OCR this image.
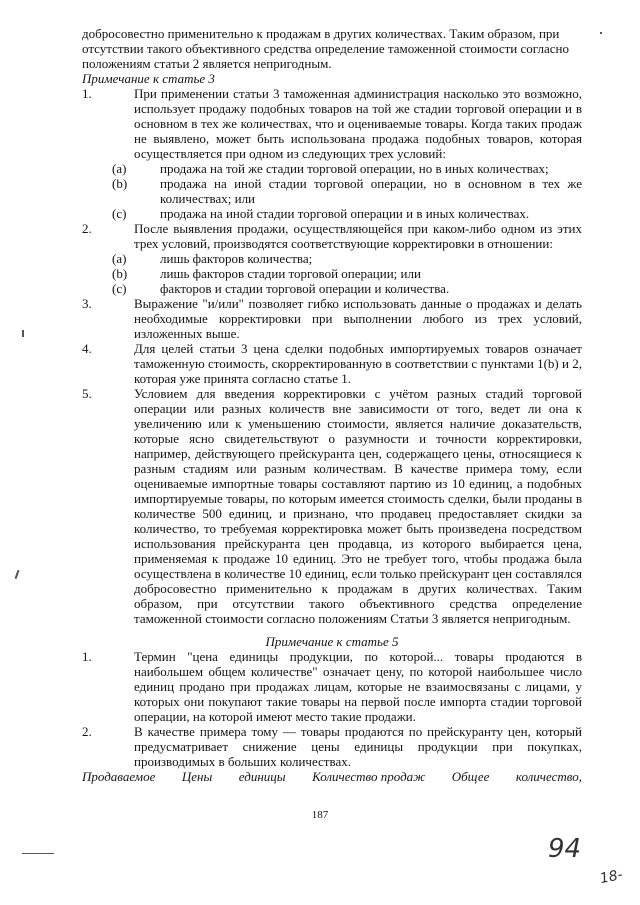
добросовестно применительно к продажам в других количествах. Таким образом, при

отсутствии такого объективного средства определение таможенной стоимости согласно

положениям статьи 2 является непригодным.

Примечание к статье 3

1.	При применении статьи 3 таможенная администрация насколько это возможно, использует продажу подобных товаров на той же стадии торговой операции и в основном в тех же количествах, что и оцениваемые товары. Когда таких продаж не выявлено, может быть использована продажа подобных товаров, которая осуществляется при одном из следующих трех условий:
(a)	продажа на той же стадии торговой операции, но в иных количествах;
(b)	продажа на иной стадии торговой операции, но в основном в тех же количествах; или
(c)	продажа на иной стадии торговой операции и в иных количествах.
2.	После выявления продажи, осуществляющейся при каком-либо одном из этих трех условий, производятся соответствующие корректировки в отношении:
(a)	лишь факторов количества;
(b)	лишь факторов стадии торговой операции; или
(c)	факторов и стадии торговой операции и количества.
3.	Выражение "и/или" позволяет гибко использовать данные о продажах и делать необходимые корректировки при выполнении любого из трех условий, изложенных выше.
4.	Для целей статьи 3 цена сделки подобных импортируемых товаров означает таможенную стоимость, скорректированную в соответствии с пунктами 1(b) и 2, которая уже принята согласно статье 1.
5.	Условием для введения корректировки с учётом разных стадий торговой операции или разных количеств вне зависимости от того, ведет ли она к увеличению или к уменьшению стоимости, является наличие доказательств, которые ясно свидетельствуют о разумности и точности корректировки, например, действующего прейскуранта цен, содержащего цены, относящиеся к разным стадиям или разным количествам. В качестве примера тому, если оцениваемые импортные товары составляют партию из 10 единиц, а подобных импортируемые товары, по которым имеется стоимость сделки, были проданы в количестве 500 единиц, и признано, что продавец предоставляет скидки за количество, то требуемая корректировка может быть произведена посредством использования прейскуранта цен продавца, из которого выбирается цена, применяемая к продаже 10 единиц. Это не требует того, чтобы продажа была осуществлена в количестве 10 единиц, если только прейскурант цен составлялся добросовестно применительно к продажам в других количествах. Таким образом, при отсутствии такого объективного средства определение таможенной стоимости согласно положениям Статьи 3 является непригодным.

Примечание к статье 5

1.	Термин "цена единицы продукции, по которой... товары продаются в наибольшем общем количестве" означает цену, по которой наибольшее число единиц продано при продажах лицам, которые не взаимосвязаны с лицами, у которых они покупают такие товары на первой после импорта стадии торговой операции, на которой имеют место такие продажи.
2.	В качестве примера тому — товары продаются по прейскуранту цен, который предусматривает снижение цены единицы продукции при покупках, производимых в больших количествах.
Продаваемое Цены единицы Количество продаж Общее количество,
187
94
18-
